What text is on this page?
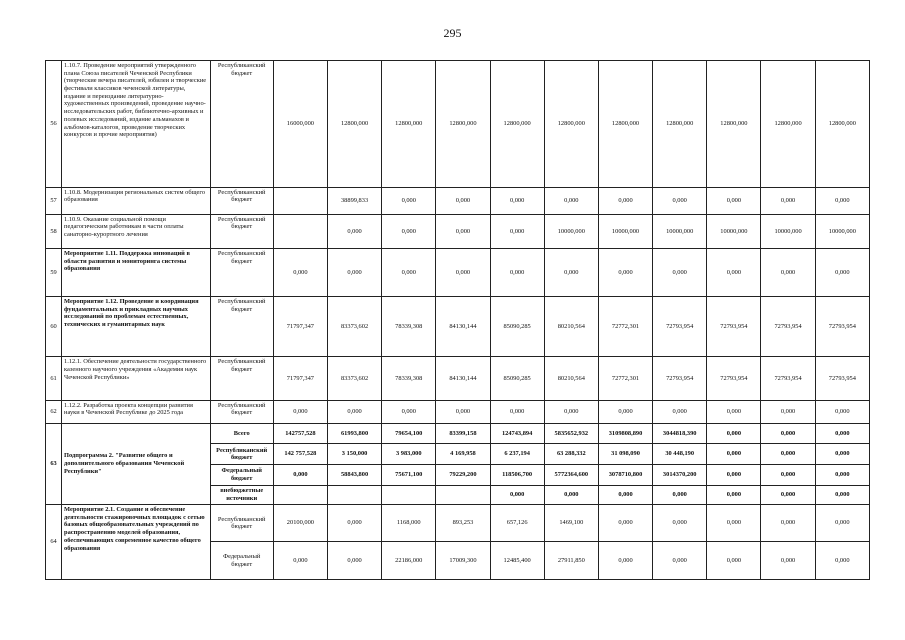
295
56	1.10.7. Проведение мероприятий утвержденного плана Союза писателей Чеченской Республики (творческие вечера писателей, юбилеи и творческие фестивали классиков чеченской литературы, издание и переиздание литературно-художественных произведений, проведение научно-исследовательских работ, библиотечно-архивных и полевых исследований, издание альманахов и альбомов-каталогов, проведение творческих конкурсов и прочие мероприятия)	Республиканский бюджет	16000,000	12800,000	12800,000	12800,000	12800,000	12800,000	12800,000	12800,000	12800,000	12800,000	12800,000
57	1.10.8. Модернизация региональных систем общего образования	Республиканский бюджет		38899,833	0,000	0,000	0,000	0,000	0,000	0,000	0,000	0,000	0,000
58	1.10.9. Оказание социальной помощи педагогическим работникам в части оплаты санаторно-курортного лечения	Республиканский бюджет		0,000	0,000	0,000	0,000	10000,000	10000,000	10000,000	10000,000	10000,000	10000,000
59	Мероприятие 1.11. Поддержка инноваций в области развития и мониторинга системы образования	Республиканский бюджет	0,000	0,000	0,000	0,000	0,000	0,000	0,000	0,000	0,000	0,000	0,000
60	Мероприятие 1.12. Проведение и координация фундаментальных и прикладных научных исследований по проблемам естественных, технических и гуманитарных наук	Республиканский бюджет	71797,347	83373,602	78339,308	84130,144	85090,285	80210,564	72772,301	72793,954	72793,954	72793,954	72793,954
61	1.12.1. Обеспечение деятельности государственного казенного научного учреждения «Академия наук Чеченской Республики»	Республиканский бюджет	71797,347	83373,602	78339,308	84130,144	85090,285	80210,564	72772,301	72793,954	72793,954	72793,954	72793,954
62	1.12.2. Разработка проекта концепции развития науки в Чеченской Республике до 2025 года	Республиканский бюджет	0,000	0,000	0,000	0,000	0,000	0,000	0,000	0,000	0,000	0,000	0,000
63	Подпрограмма 2. "Развитие общего и дополнительного образования Чеченской Республики"	Всего	142757,528	61993,800	79654,100	83399,158	124743,894	5835652,932	3109808,890	3044818,390	0,000	0,000	0,000
		Республиканский бюджет	142 757,528	3 150,000	3 983,000	4 169,958	6 237,194	63 288,332	31 098,090	30 448,190	0,000	0,000	0,000
		Федеральный бюджет	0,000	58843,800	75671,100	79229,200	118506,700	5772364,600	3078710,800	3014370,200	0,000	0,000	0,000
		внебюджетные источники					0,000	0,000	0,000	0,000	0,000	0,000	0,000
64	Мероприятие 2.1. Создание и обеспечение деятельности стажировочных площадок с сетью базовых общеобразовательных учреждений по распространению моделей образования, обеспечивающих современное качество общего образования	Республиканский бюджет	20100,000	0,000	1168,000	893,253	657,126	1469,100	0,000	0,000	0,000	0,000	0,000
		Федеральный бюджет	0,000	0,000	22186,000	17009,300	12485,400	27911,850	0,000	0,000	0,000	0,000	0,000
